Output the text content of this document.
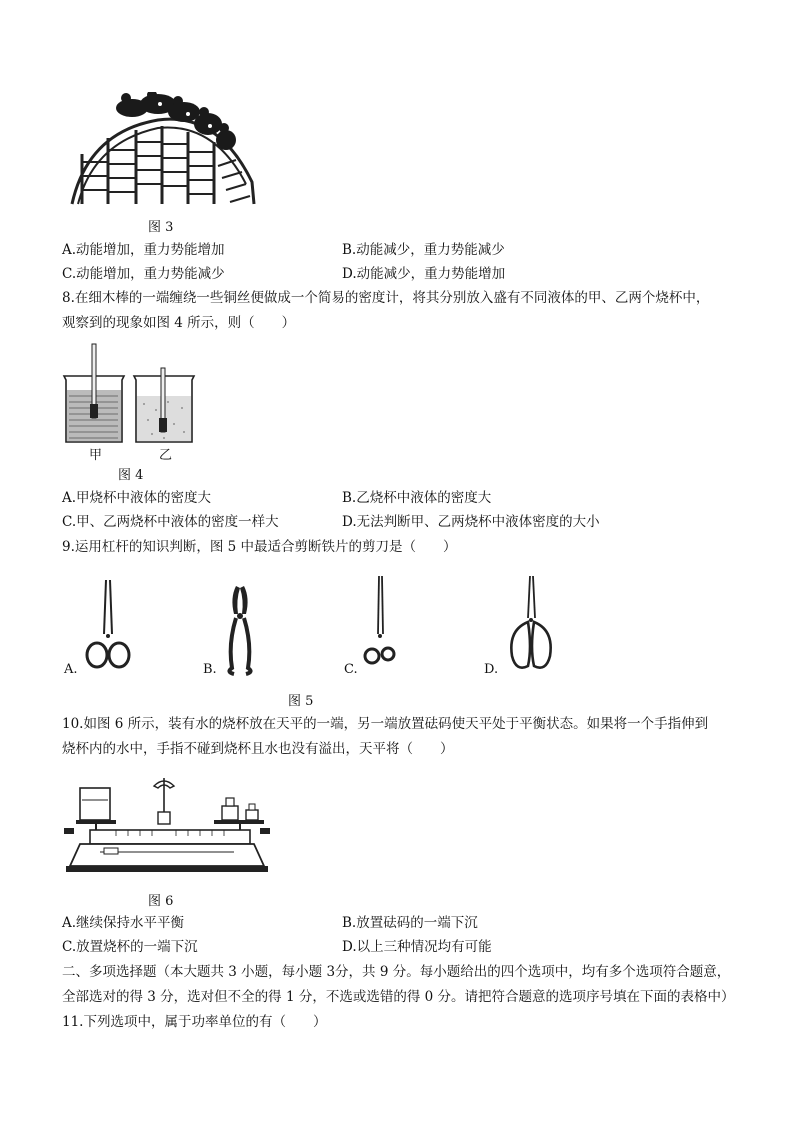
图 3
A.动能增加，重力势能增加	B.动能减少，重力势能减少
C.动能增加，重力势能减少	D.动能减少，重力势能增加
8.在细木棒的一端缠绕一些铜丝便做成一个简易的密度计，将其分别放入盛有不同液体的甲、乙两个烧杯中，
观察到的现象如图 4 所示，则（　　）
甲	乙
图 4
A.甲烧杯中液体的密度大	B.乙烧杯中液体的密度大
C.甲、乙两烧杯中液体的密度一样大	D.无法判断甲、乙两烧杯中液体密度的大小
9.运用杠杆的知识判断，图 5 中最适合剪断铁片的剪刀是（　　）
A.	B.	C.	D.
图 5
10.如图 6 所示，装有水的烧杯放在天平的一端，另一端放置砝码使天平处于平衡状态。如果将一个手指伸到
烧杯内的水中，手指不碰到烧杯且水也没有溢出，天平将（　　）
图 6
A.继续保持水平平衡	B.放置砝码的一端下沉
C.放置烧杯的一端下沉	D.以上三种情况均有可能
二、多项选择题（本大题共 3 小题，每小题 3分，共 9 分。每小题给出的四个选项中，均有多个选项符合题意，
全部选对的得 3 分，选对但不全的得 1 分，不选或选错的得 0 分。请把符合题意的选项序号填在下面的表格中）
11.下列选项中，属于功率单位的有（　　）
